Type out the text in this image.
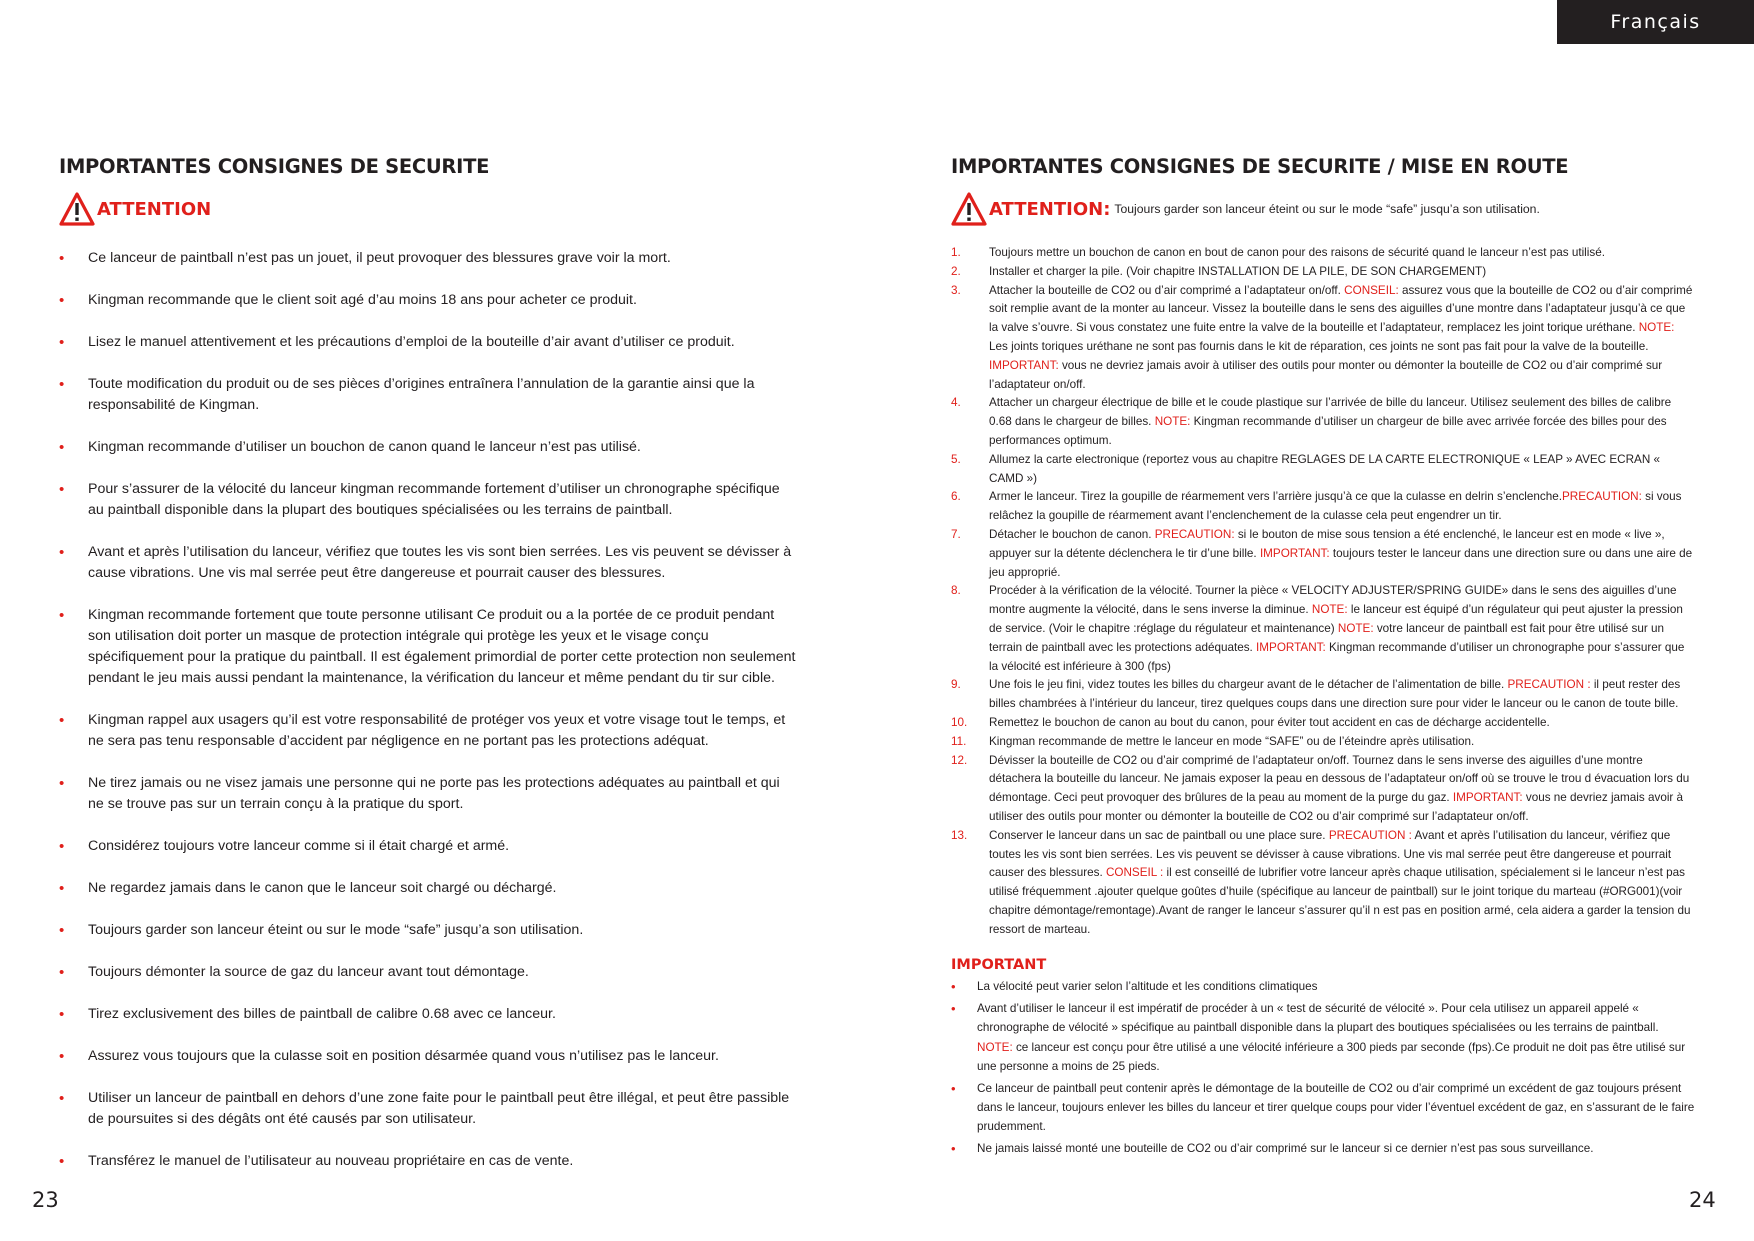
Français
IMPORTANTES CONSIGNES DE SECURITE
ATTENTION
• Ce lanceur de paintball n’est pas un jouet, il peut provoquer des blessures grave voir la mort.
• Kingman recommande que le client soit agé d’au moins 18 ans pour acheter ce produit.
• Lisez le manuel attentivement et les précautions d’emploi de la bouteille d’air avant d’utiliser ce produit.
• Toute modification du produit ou de ses pièces d’origines entraînera l’annulation de la garantie ainsi que la responsabilité de Kingman.
• Kingman recommande d’utiliser un bouchon de canon quand le lanceur n’est pas utilisé.
• Pour s’assurer de la vélocité du lanceur kingman recommande fortement d’utiliser un chronographe spécifique au paintball disponible dans la plupart des boutiques spécialisées ou les terrains de paintball.
• Avant et après l’utilisation du lanceur, vérifiez que toutes les vis sont bien serrées. Les vis peuvent se dévisser à cause vibrations. Une vis mal serrée peut être dangereuse et pourrait causer des blessures.
• Kingman recommande fortement que toute personne utilisant Ce produit ou a la portée de ce produit pendant son utilisation doit porter un masque de protection intégrale qui protège les yeux et le visage conçu spécifiquement pour la pratique du paintball. Il est également primordial de porter cette protection non seulement pendant le jeu mais aussi pendant la maintenance, la vérification du lanceur et même pendant du tir sur cible.
• Kingman rappel aux usagers qu’il est votre responsabilité de protéger vos yeux et votre visage tout le temps, et ne sera pas tenu responsable d’accident par négligence en ne portant pas les protections adéquat.
• Ne tirez jamais ou ne visez jamais une personne qui ne porte pas les protections adéquates au paintball et qui ne se trouve pas sur un terrain conçu à la pratique du sport.
• Considérez toujours votre lanceur comme si il était chargé et armé.
• Ne regardez jamais dans le canon que le lanceur soit chargé ou déchargé.
• Toujours garder son lanceur éteint ou sur le mode “safe” jusqu’a son utilisation.
• Toujours démonter la source de gaz du lanceur avant tout démontage.
• Tirez exclusivement des billes de paintball de calibre 0.68 avec ce lanceur.
• Assurez vous toujours que la culasse soit en position désarmée quand vous n’utilisez pas le lanceur.
• Utiliser un lanceur de paintball en dehors d’une zone faite pour le paintball peut être illégal, et peut être passible de poursuites si des dégâts ont été causés par son utilisateur.
• Transférez le manuel de l’utilisateur au nouveau propriétaire en cas de vente.
IMPORTANTES CONSIGNES DE SECURITE / MISE EN ROUTE
ATTENTION: Toujours garder son lanceur éteint ou sur le mode “safe” jusqu’a son utilisation.
1.	Toujours mettre un bouchon de canon en bout de canon pour des raisons de sécurité quand le lanceur n’est pas utilisé.
2.	Installer et charger la pile. (Voir chapitre INSTALLATION DE LA PILE, DE SON CHARGEMENT)
3.	Attacher la bouteille de CO2 ou d’air comprimé a l’adaptateur on/off. CONSEIL: assurez vous que la bouteille de CO2 ou d’air comprimé soit remplie avant de la monter au lanceur. Vissez la bouteille dans le sens des aiguilles d’une montre dans l’adaptateur jusqu’à ce que la valve s’ouvre. Si vous constatez une fuite entre la valve de la bouteille et l’adaptateur, remplacez les joint torique uréthane. NOTE: Les joints toriques uréthane ne sont pas fournis dans le kit de réparation, ces joints ne sont pas fait pour la valve de la bouteille. IMPORTANT: vous ne devriez jamais avoir à utiliser des outils pour monter ou démonter la bouteille de CO2 ou d’air comprimé sur l’adaptateur on/off.
4.	Attacher un chargeur électrique de bille et le coude plastique sur l’arrivée de bille du lanceur. Utilisez seulement des billes de calibre 0.68 dans le chargeur de billes. NOTE: Kingman recommande d’utiliser un chargeur de bille avec arrivée forcée des billes pour des performances optimum.
5.	Allumez la carte electronique (reportez vous au chapitre REGLAGES DE LA CARTE ELECTRONIQUE « LEAP » AVEC ECRAN « CAMD »)
6.	Armer le lanceur. Tirez la goupille de réarmement vers l’arrière jusqu’à ce que la culasse en delrin s’enclenche.PRECAUTION: si vous relâchez la goupille de réarmement avant l’enclenchement de la culasse cela peut engendrer un tir.
7.	Détacher le bouchon de canon. PRECAUTION: si le bouton de mise sous tension a été enclenché, le lanceur est en mode « live », appuyer sur la détente déclenchera le tir d’une bille. IMPORTANT: toujours tester le lanceur dans une direction sure ou dans une aire de jeu approprié.
8.	Procéder à la vérification de la vélocité. Tourner la pièce « VELOCITY ADJUSTER/SPRING GUIDE» dans le sens des aiguilles d’une montre augmente la vélocité, dans le sens inverse la diminue. NOTE: le lanceur est équipé d’un régulateur qui peut ajuster la pression de service. (Voir le chapitre :réglage du régulateur et maintenance) NOTE: votre lanceur de paintball est fait pour être utilisé sur un terrain de paintball avec les protections adéquates. IMPORTANT: Kingman recommande d’utiliser un chronographe pour s’assurer que la vélocité est inférieure à 300 (fps)
9.	Une fois le jeu fini, videz toutes les billes du chargeur avant de le détacher de l’alimentation de bille. PRECAUTION : il peut rester des billes chambrées à l’intérieur du lanceur, tirez quelques coups dans une direction sure pour vider le lanceur ou le canon de toute bille.
10.	Remettez le bouchon de canon au bout du canon, pour éviter tout accident en cas de décharge accidentelle.
11.	Kingman recommande de mettre le lanceur en mode “SAFE” ou de l’éteindre après utilisation.
12.	Dévisser la bouteille de CO2 ou d’air comprimé de l’adaptateur on/off. Tournez dans le sens inverse des aiguilles d’une montre détachera la bouteille du lanceur. Ne jamais exposer la peau en dessous de l’adaptateur on/off où se trouve le trou d évacuation lors du démontage. Ceci peut provoquer des brûlures de la peau au moment de la purge du gaz. IMPORTANT: vous ne devriez jamais avoir à utiliser des outils pour monter ou démonter la bouteille de CO2 ou d’air comprimé sur l’adaptateur on/off.
13.	Conserver le lanceur dans un sac de paintball ou une place sure. PRECAUTION : Avant et après l’utilisation du lanceur, vérifiez que toutes les vis sont bien serrées. Les vis peuvent se dévisser à cause vibrations. Une vis mal serrée peut être dangereuse et pourrait causer des blessures. CONSEIL : il est conseillé de lubrifier votre lanceur après chaque utilisation, spécialement si le lanceur n’est pas utilisé fréquemment .ajouter quelque goûtes d’huile (spécifique au lanceur de paintball) sur le joint torique du marteau (#ORG001)(voir chapitre démontage/remontage).Avant de ranger le lanceur s’assurer qu’il n est pas en position armé, cela aidera a garder la tension du ressort de marteau.
IMPORTANT
• La vélocité peut varier selon l’altitude et les conditions climatiques
• Avant d’utiliser le lanceur il est impératif de procéder à un « test de sécurité de vélocité ». Pour cela utilisez un appareil appelé « chronographe de vélocité » spécifique au paintball disponible dans la plupart des boutiques spécialisées ou les terrains de paintball. NOTE: ce lanceur est conçu pour être utilisé a une vélocité inférieure a 300 pieds par seconde (fps).Ce produit ne doit pas être utilisé sur une personne a moins de 25 pieds.
• Ce lanceur de paintball peut contenir après le démontage de la bouteille de CO2 ou d’air comprimé un excédent de gaz toujours présent dans le lanceur, toujours enlever les billes du lanceur et tirer quelque coups pour vider l’éventuel excédent de gaz, en s’assurant de le faire prudemment.
• Ne jamais laissé monté une bouteille de CO2 ou d’air comprimé sur le lanceur si ce dernier n’est pas sous surveillance.
23	24
